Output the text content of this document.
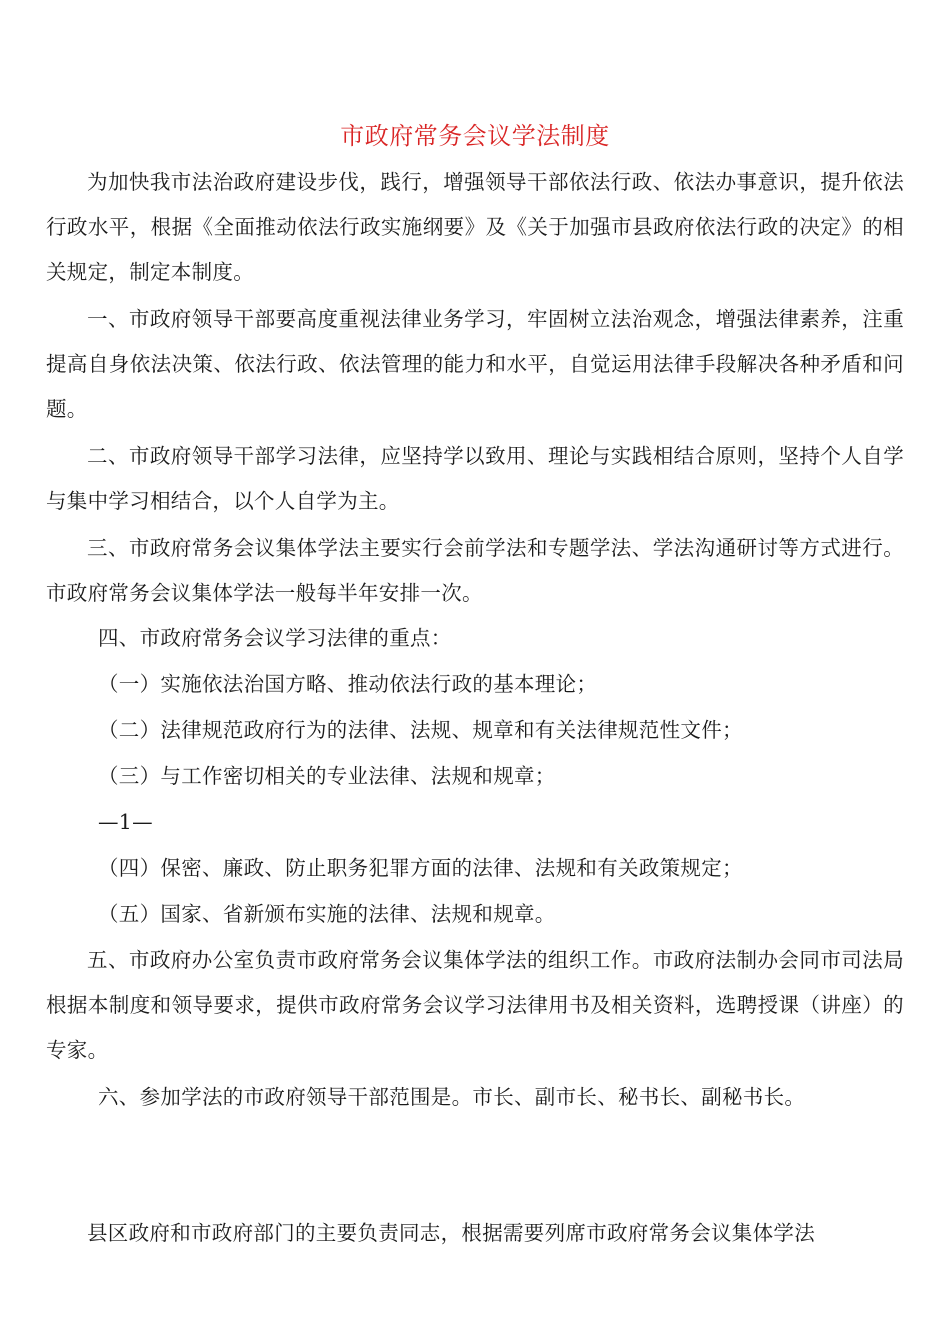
市政府常务会议学法制度

为加快我市法治政府建设步伐，践行，增强领导干部依法行政、依法办事意识，提升依法行政水平，根据《全面推动依法行政实施纲要》及《关于加强市县政府依法行政的决定》的相关规定，制定本制度。

一、市政府领导干部要高度重视法律业务学习，牢固树立法治观念，增强法律素养，注重提高自身依法决策、依法行政、依法管理的能力和水平，自觉运用法律手段解决各种矛盾和问题。

二、市政府领导干部学习法律，应坚持学以致用、理论与实践相结合原则，坚持个人自学与集中学习相结合，以个人自学为主。

三、市政府常务会议集体学法主要实行会前学法和专题学法、学法沟通研讨等方式进行。市政府常务会议集体学法一般每半年安排一次。

四、市政府常务会议学习法律的重点：

（一）实施依法治国方略、推动依法行政的基本理论；

（二）法律规范政府行为的法律、法规、规章和有关法律规范性文件；

（三）与工作密切相关的专业法律、法规和规章；

—1—

（四）保密、廉政、防止职务犯罪方面的法律、法规和有关政策规定；

（五）国家、省新颁布实施的法律、法规和规章。

五、市政府办公室负责市政府常务会议集体学法的组织工作。市政府法制办会同市司法局根据本制度和领导要求，提供市政府常务会议学习法律用书及相关资料，选聘授课（讲座）的专家。

六、参加学法的市政府领导干部范围是。市长、副市长、秘书长、副秘书长。

县区政府和市政府部门的主要负责同志，根据需要列席市政府常务会议集体学法
